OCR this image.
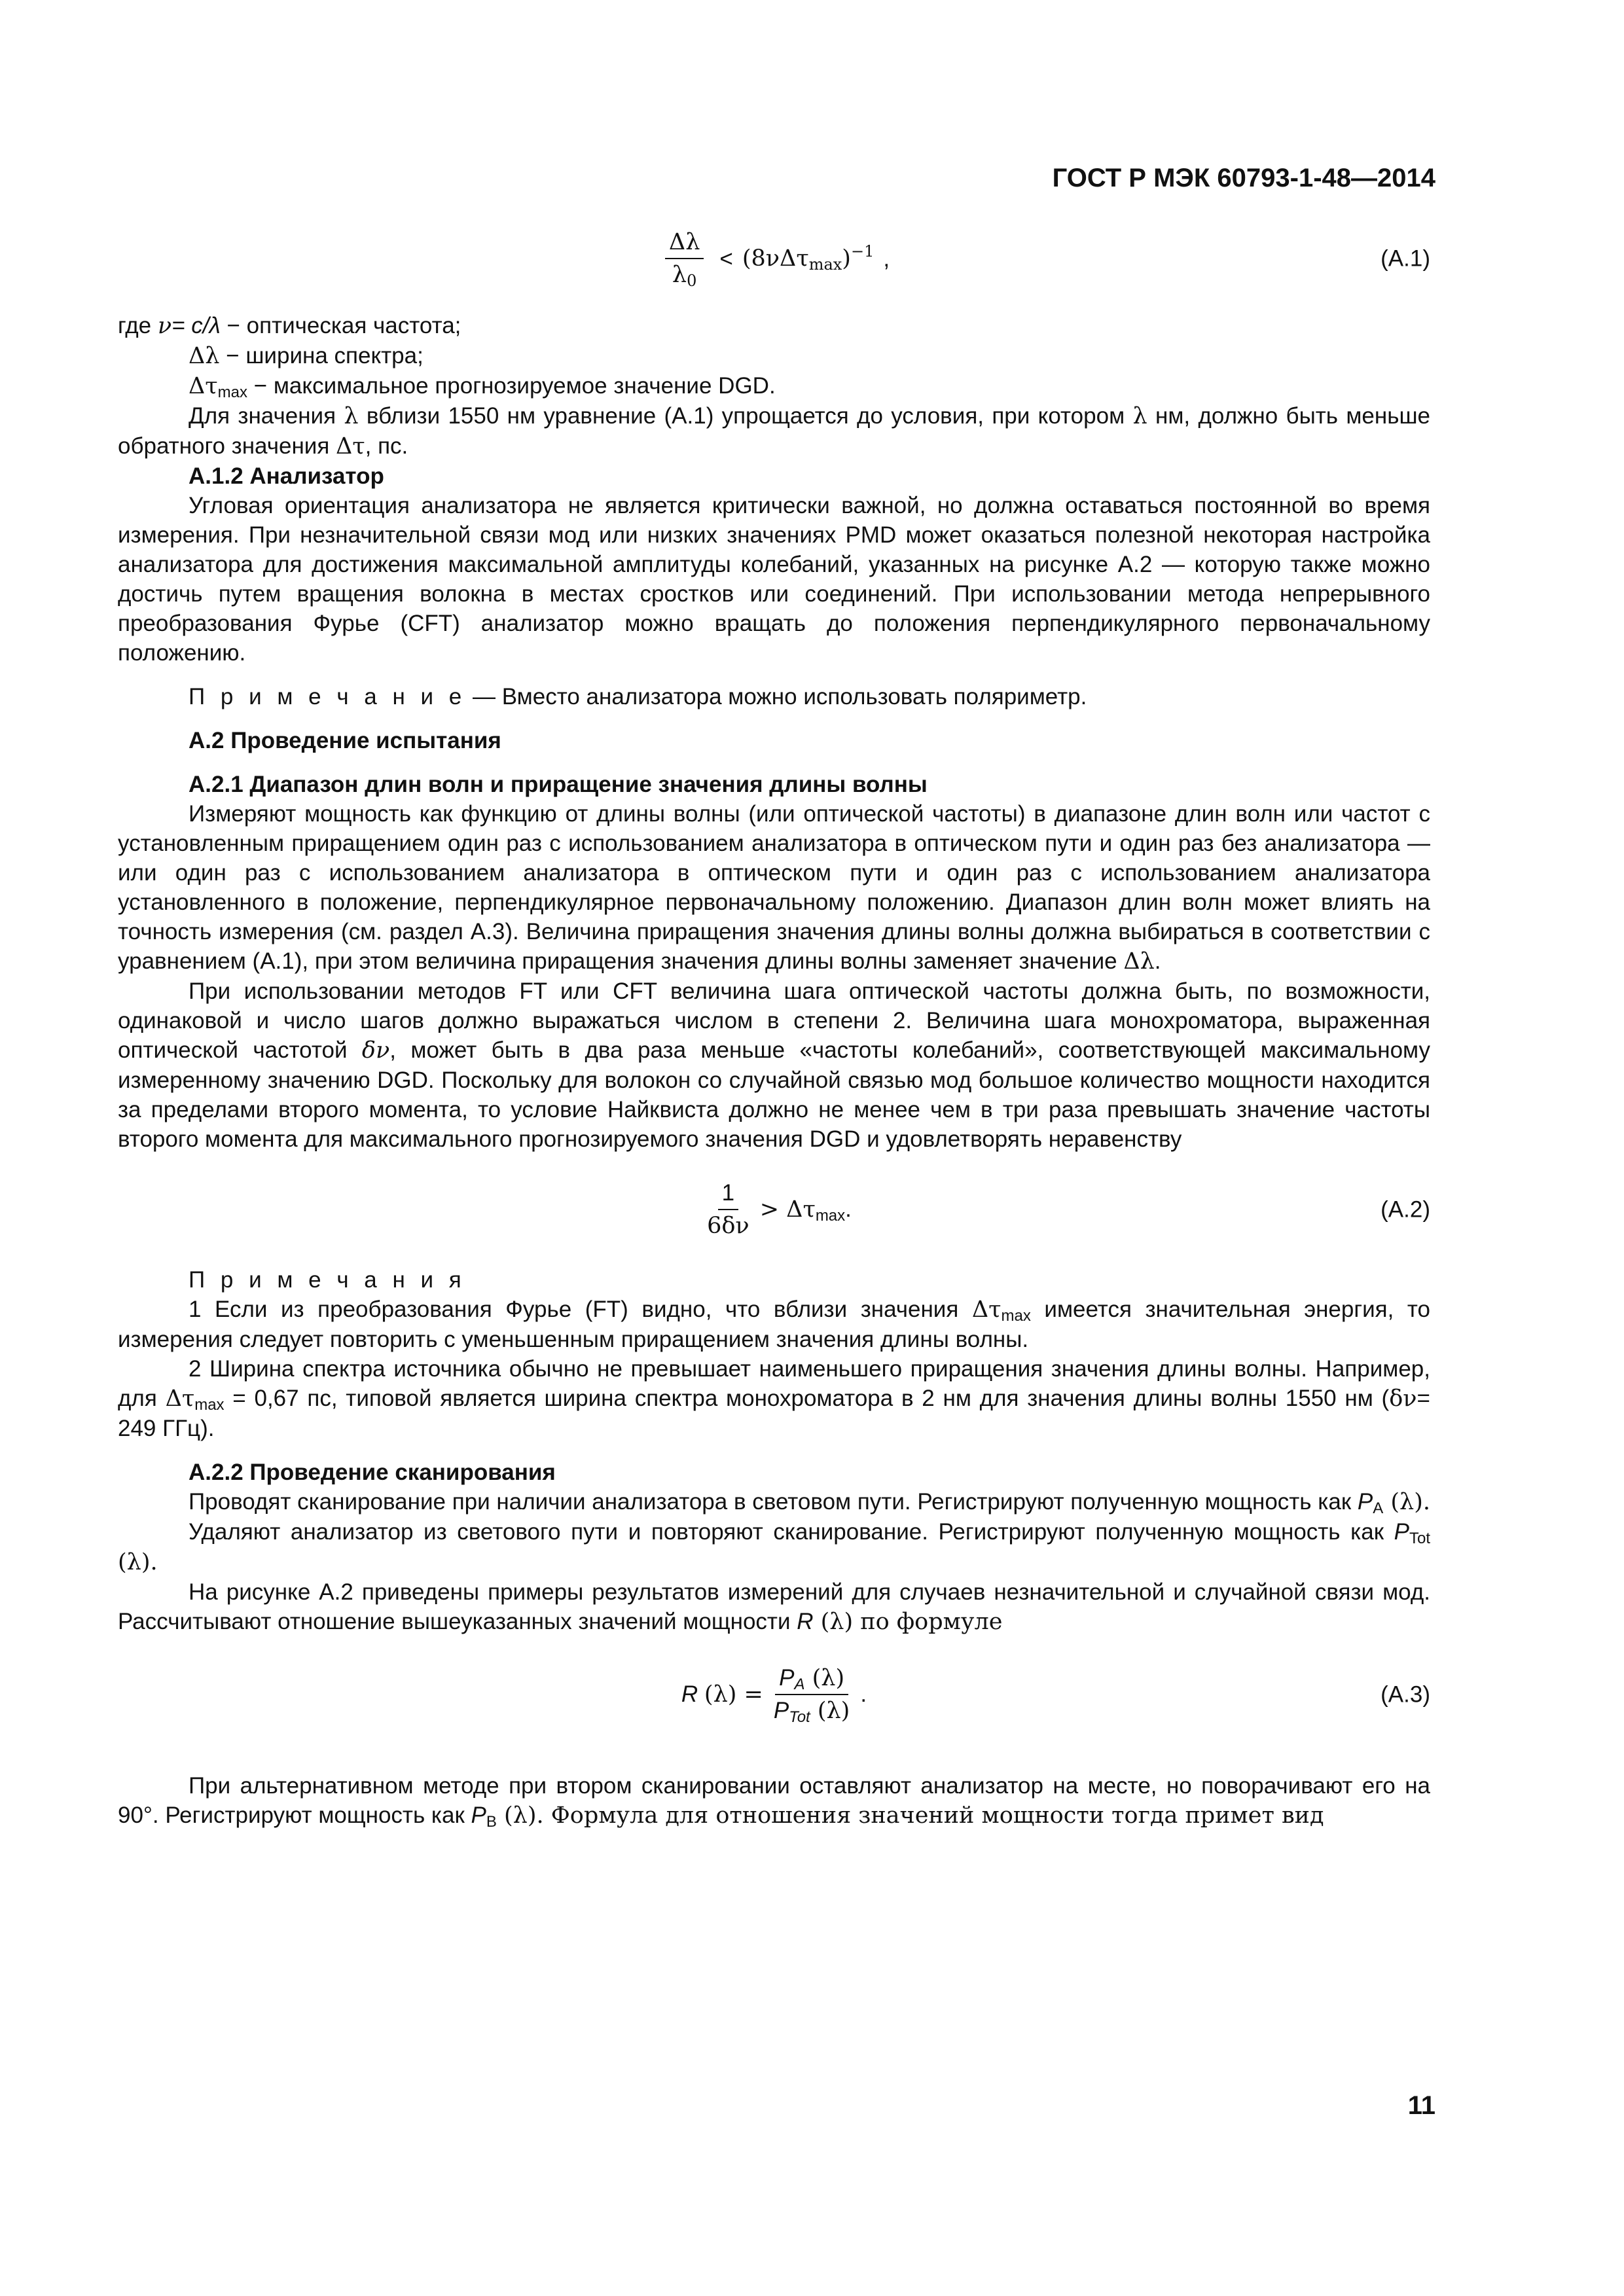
ГОСТ Р МЭК 60793-1-48—2014
$\frac{\Delta\lambda}{\lambda_0} < (8\nu\Delta\tau_{max})^{-1}$ ,	(A.1)

где ν= c/λ − оптическая частота;

Δλ − ширина спектра;

$\Delta\tau_{max}$ − максимальное прогнозируемое значение DGD.

Для значения λ вблизи 1550 нм уравнение (A.1) упрощается до условия, при котором λ нм, должно быть меньше обратного значения Δτ, пс.

A.1.2 Анализатор

Угловая ориентация анализатора не является критически важной, но должна оставаться постоянной во время измерения. При незначительной связи мод или низких значениях PMD может оказаться полезной некоторая настройка анализатора для достижения максимальной амплитуды колебаний, указанных на рисунке A.2 — которую также можно достичь путем вращения волокна в местах сростков или соединений. При использовании метода непрерывного преобразования Фурье (CFT) анализатор можно вращать до положения перпендикулярного первоначальному положению.

П р и м е ч а н и е — Вместо анализатора можно использовать поляриметр.

A.2 Проведение испытания

A.2.1 Диапазон длин волн и приращение значения длины волны

Измеряют мощность как функцию от длины волны (или оптической частоты) в диапазоне длин волн или частот с установленным приращением один раз с использованием анализатора в оптическом пути и один раз без анализатора — или один раз с использованием анализатора в оптическом пути и один раз с использованием анализатора установленного в положение, перпендикулярное первоначальному положению. Диапазон длин волн может влиять на точность измерения (см. раздел A.3). Величина приращения значения длины волны должна выбираться в соответствии с уравнением (A.1), при этом величина приращения значения длины волны заменяет значение Δλ.

При использовании методов FT или CFT величина шага оптической частоты должна быть, по возможности, одинаковой и число шагов должно выражаться числом в степени 2. Величина шага монохроматора, выраженная оптической частотой δν, может быть в два раза меньше «частоты колебаний», соответствующей максимальному измеренному значению DGD. Поскольку для волокон со случайной связью мод большое количество мощности находится за пределами второго момента, то условие Найквиста должно не менее чем в три раза превышать значение частоты второго момента для максимального прогнозируемого значения DGD и удовлетворять неравенству

$\frac{1}{6\delta\nu} > \Delta\tau_{max}$.	(A.2)

П р и м е ч а н и я

1 Если из преобразования Фурье (FT) видно, что вблизи значения $\Delta\tau_{max}$ имеется значительная энергия, то измерения следует повторить с уменьшенным приращением значения длины волны.

2 Ширина спектра источника обычно не превышает наименьшего приращения значения длины волны. Например, для $\Delta\tau_{max} = 0,67$ пс, типовой является ширина спектра монохроматора в 2 нм для значения длины волны 1550 нм (δν= 249 ГГц).

A.2.2 Проведение сканирования

Проводят сканирование при наличии анализатора в световом пути. Регистрируют полученную мощность как $P_A$ (λ).

Удаляют анализатор из светового пути и повторяют сканирование. Регистрируют полученную мощность как $P_{Tot}$ (λ).

На рисунке A.2 приведены примеры результатов измерений для случаев незначительной и случайной связи мод. Рассчитывают отношение вышеуказанных значений мощности R (λ) по формуле

R $(\lambda) = \frac{P_A (\lambda)}{P_{Tot} (\lambda)}$ .	(A.3)

При альтернативном методе при втором сканировании оставляют анализатор на месте, но поворачивают его на 90°. Регистрируют мощность как $P_B$ (λ). Формула для отношения значений мощности тогда примет вид

11
